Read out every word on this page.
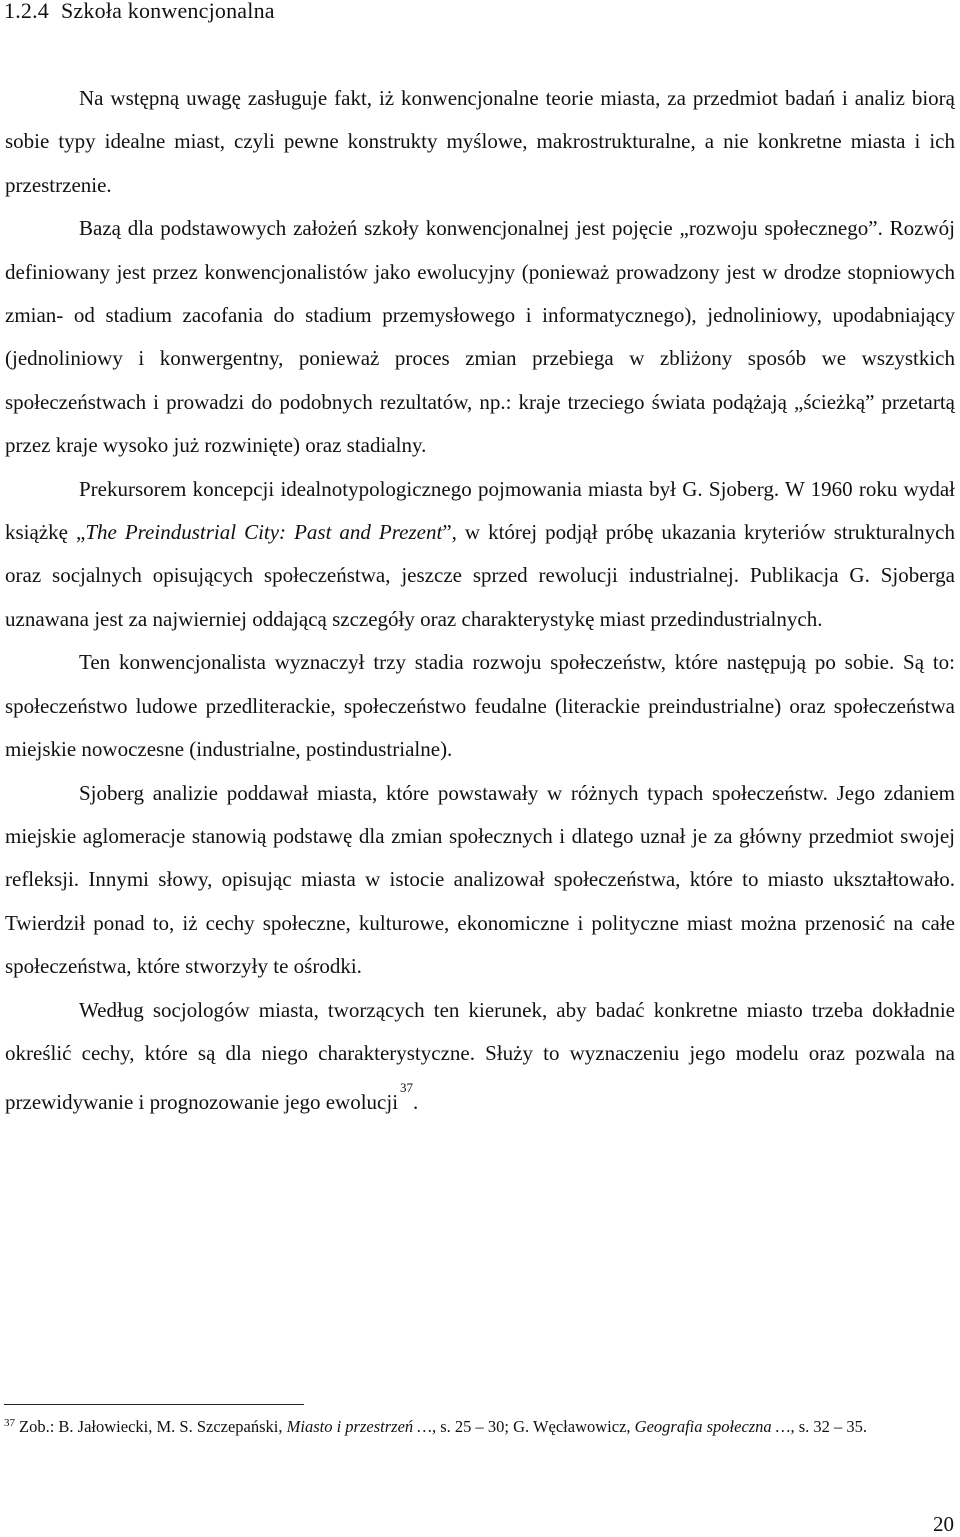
1.2.4 Szkoła konwencjonalna

Na wstępną uwagę zasługuje fakt, iż konwencjonalne teorie miasta, za przedmiot badań i analiz biorą sobie typy idealne miast, czyli pewne konstrukty myślowe, makrostrukturalne, a nie konkretne miasta i ich przestrzenie.

Bazą dla podstawowych założeń szkoły konwencjonalnej jest pojęcie „rozwoju społecznego”. Rozwój definiowany jest przez konwencjonalistów jako ewolucyjny (ponieważ prowadzony jest w drodze stopniowych zmian- od stadium zacofania do stadium przemysłowego i informatycznego), jednoliniowy, upodabniający (jednoliniowy i konwergentny, ponieważ proces zmian przebiega w zbliżony sposób we wszystkich społeczeństwach i prowadzi do podobnych rezultatów, np.: kraje trzeciego świata podążają „ścieżką” przetartą przez kraje wysoko już rozwinięte) oraz stadialny.

Prekursorem koncepcji idealnotypologicznego pojmowania miasta był G. Sjoberg. W 1960 roku wydał książkę „The Preindustrial City: Past and Prezent”, w której podjął próbę ukazania kryteriów strukturalnych oraz socjalnych opisujących społeczeństwa, jeszcze sprzed rewolucji industrialnej. Publikacja G. Sjoberga uznawana jest za najwierniej oddającą szczegóły oraz charakterystykę miast przedindustrialnych.

Ten konwencjonalista wyznaczył trzy stadia rozwoju społeczeństw, które następują po sobie. Są to: społeczeństwo ludowe przedliterackie, społeczeństwo feudalne (literackie preindustrialne) oraz społeczeństwa miejskie nowoczesne (industrialne, postindustrialne).

Sjoberg analizie poddawał miasta, które powstawały w różnych typach społeczeństw. Jego zdaniem miejskie aglomeracje stanowią podstawę dla zmian społecznych i dlatego uznał je za główny przedmiot swojej refleksji. Innymi słowy, opisując miasta w istocie analizował społeczeństwa, które to miasto ukształtowało. Twierdził ponad to, iż cechy społeczne, kulturowe, ekonomiczne i polityczne miast można przenosić na całe społeczeństwa, które stworzyły te ośrodki.

Według socjologów miasta, tworzących ten kierunek, aby badać konkretne miasto trzeba dokładnie określić cechy, które są dla niego charakterystyczne. Służy to wyznaczeniu jego modelu oraz pozwala na przewidywanie i prognozowanie jego ewolucji$^{37}$.

$^{37}$ Zob.: B. Jałowiecki, M. S. Szczepański, Miasto i przestrzeń …, s. 25 – 30; G. Węcławowicz, Geografia społeczna …, s. 32 – 35.
20
